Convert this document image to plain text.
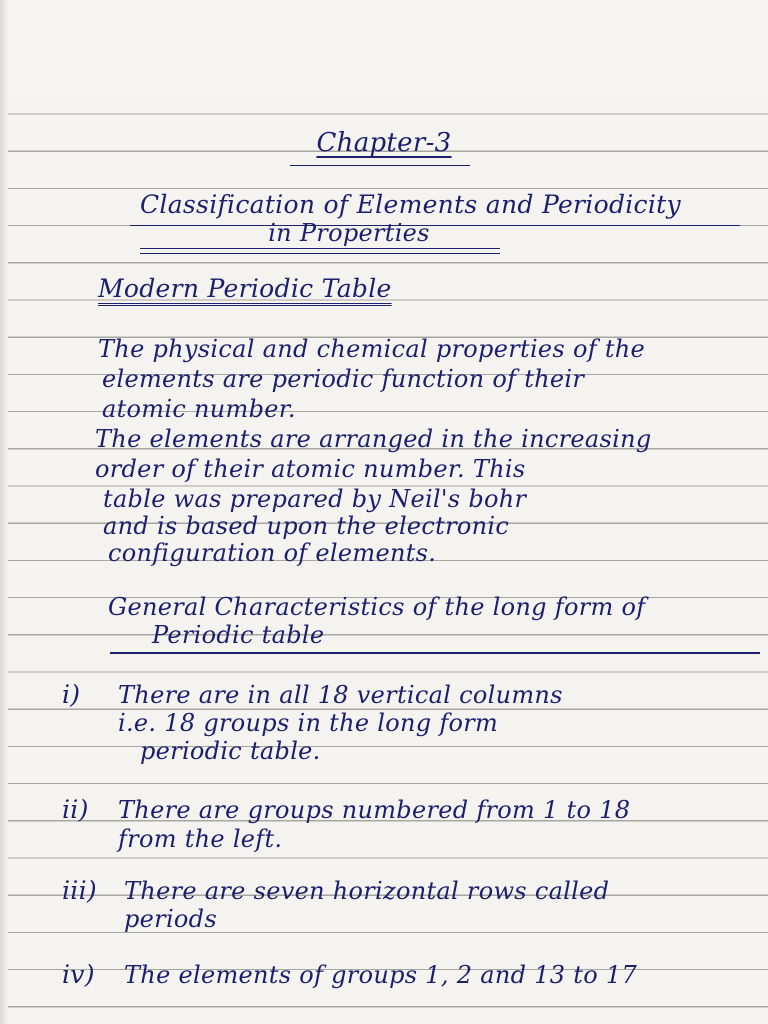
Chapter-3
Classification of Elements and Periodicity
in Properties
Modern Periodic Table
The physical and chemical properties of the
elements are periodic function of their
atomic number.
The elements are arranged in the increasing
order of their atomic number. This
table was prepared by Neil's bohr
and is based upon the electronic
configuration of elements.
General Characteristics of the long form of
Periodic table
i) There are in all 18 vertical columns
i.e. 18 groups in the long form
periodic table.
ii) There are groups numbered from 1 to 18
from the left.
iii) There are seven horizontal rows called
periods
iv) The elements of groups 1, 2 and 13 to 17
